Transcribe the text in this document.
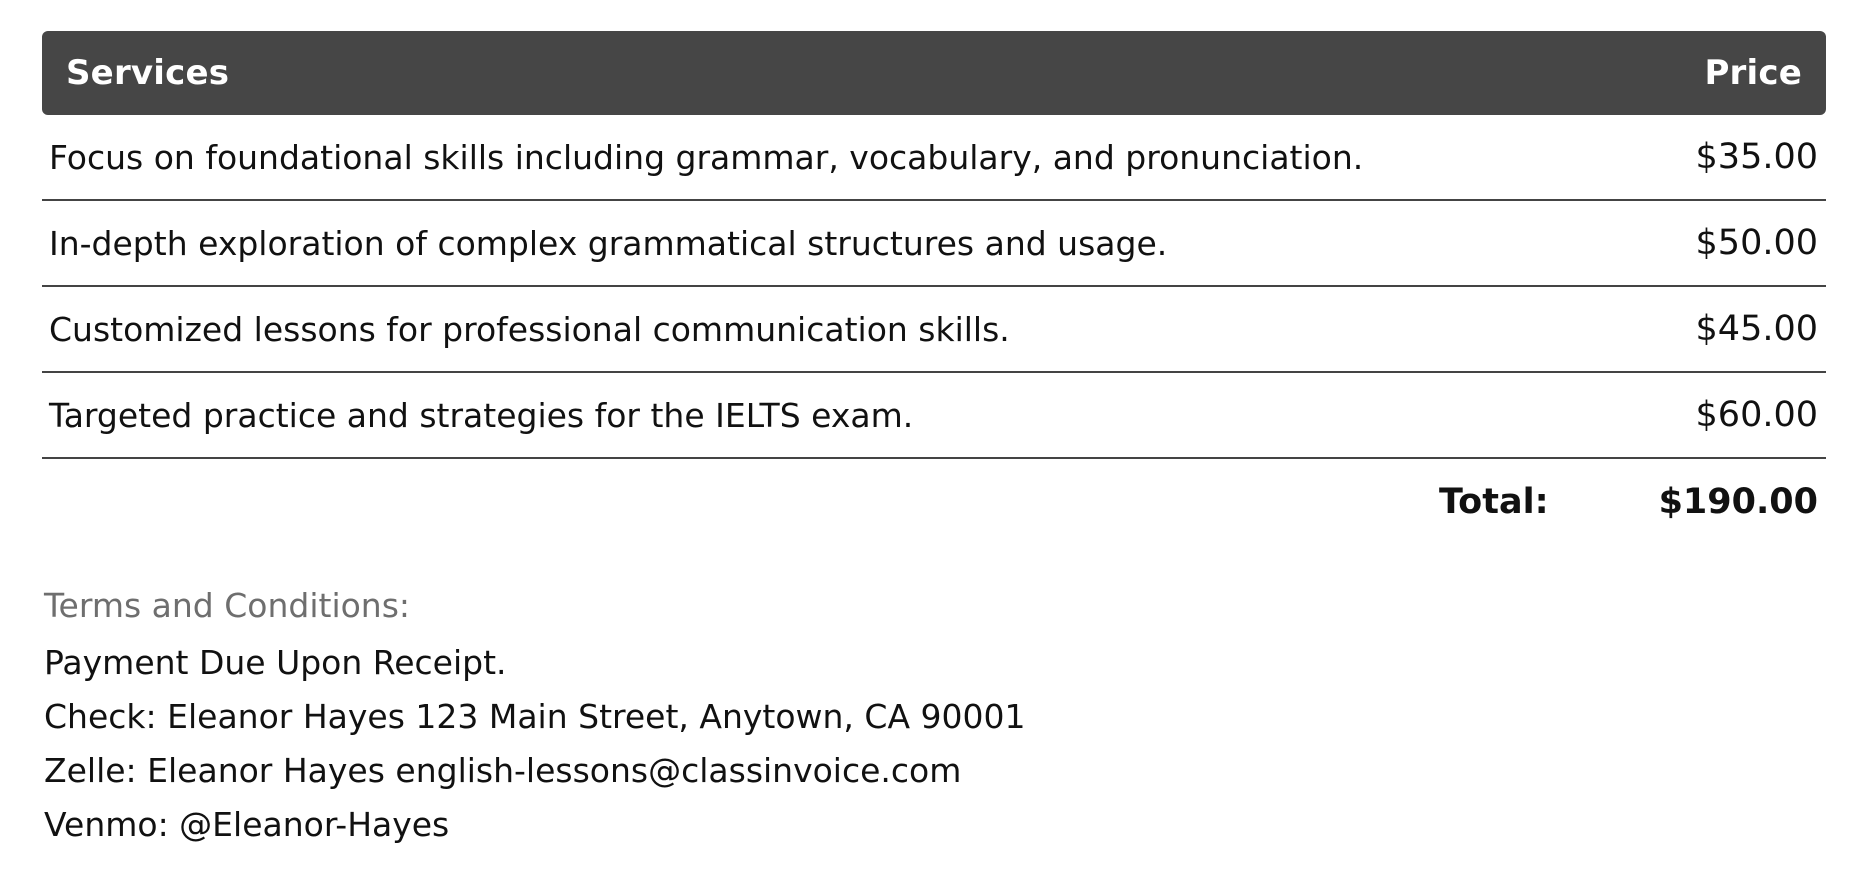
Services	Price
Focus on foundational skills including grammar, vocabulary, and pronunciation.	$35.00
In-depth exploration of complex grammatical structures and usage.	$50.00
Customized lessons for professional communication skills.	$45.00
Targeted practice and strategies for the IELTS exam.	$60.00
Total:	$190.00
Terms and Conditions:
Payment Due Upon Receipt.
Check: Eleanor Hayes 123 Main Street, Anytown, CA 90001
Zelle: Eleanor Hayes english-lessons@classinvoice.com
Venmo: @Eleanor-Hayes
